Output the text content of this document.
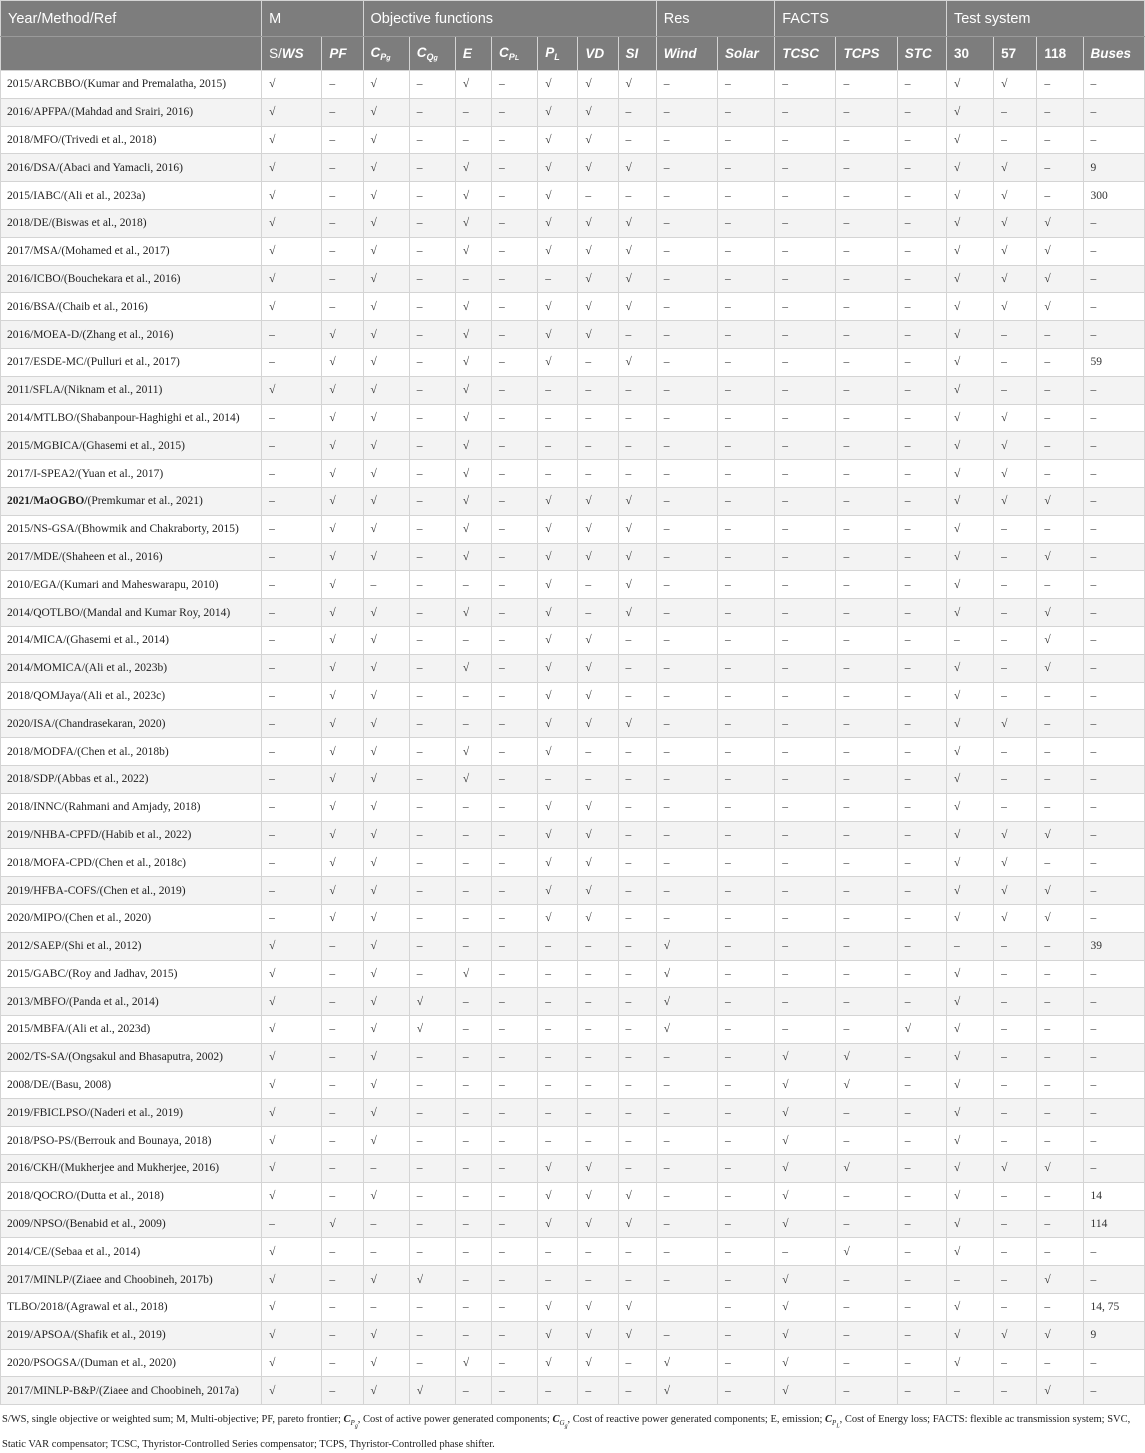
Year/Method/Ref	M		Objective functions							Res		FACTS			Test system			
	S/WS	PF	$C_{Pg}$	$C_{Qg}$	E	$C_{PL}$	$P_L$	VD	SI	Wind	Solar	TCSC	TCPS	STC	30	57	118	Buses
2015/ARCBBO/(Kumar and Premalatha, 2015)	√	–	√	–	√	–	√	√	√	–	–	–	–	–	√	√	–	–
2016/APFPA/(Mahdad and Srairi, 2016)	√	–	√	–	–	–	√	√	–	–	–	–	–	–	√	–	–	–
2018/MFO/(Trivedi et al., 2018)	√	–	√	–	–	–	√	√	–	–	–	–	–	–	√	–	–	–
2016/DSA/(Abaci and Yamacli, 2016)	√	–	√	–	√	–	√	√	√	–	–	–	–	–	√	√	–	9
2015/IABC/(Ali et al., 2023a)	√	–	√	–	√	–	√	–	–	–	–	–	–	–	√	√	–	300
2018/DE/(Biswas et al., 2018)	√	–	√	–	√	–	√	√	√	–	–	–	–	–	√	√	√	–
2017/MSA/(Mohamed et al., 2017)	√	–	√	–	√	–	√	√	√	–	–	–	–	–	√	√	√	–
2016/ICBO/(Bouchekara et al., 2016)	√	–	√	–	–	–	–	√	√	–	–	–	–	–	√	√	√	–
2016/BSA/(Chaib et al., 2016)	√	–	√	–	√	–	√	√	√	–	–	–	–	–	√	√	√	–
2016/MOEA-D/(Zhang et al., 2016)	–	√	√	–	√	–	√	√	–	–	–	–	–	–	√	–	–	–
2017/ESDE-MC/(Pulluri et al., 2017)	–	√	√	–	√	–	√	–	√	–	–	–	–	–	√	–	–	59
2011/SFLA/(Niknam et al., 2011)	√	√	√	–	√	–	–	–	–	–	–	–	–	–	√	–	–	–
2014/MTLBO/(Shabanpour-Haghighi et al., 2014)	–	√	√	–	√	–	–	–	–	–	–	–	–	–	√	√	–	–
2015/MGBICA/(Ghasemi et al., 2015)	–	√	√	–	√	–	–	–	–	–	–	–	–	–	√	√	–	–
2017/I-SPEA2/(Yuan et al., 2017)	–	√	√	–	√	–	–	–	–	–	–	–	–	–	√	√	–	–
2021/MaOGBO/(Premkumar et al., 2021)	–	√	√	–	√	–	√	√	√	–	–	–	–	–	√	√	√	–
2015/NS-GSA/(Bhowmik and Chakraborty, 2015)	–	√	√	–	√	–	√	√	√	–	–	–	–	–	√	–	–	–
2017/MDE/(Shaheen et al., 2016)	–	√	√	–	√	–	√	√	√	–	–	–	–	–	√	–	√	–
2010/EGA/(Kumari and Maheswarapu, 2010)	–	√	–	–	–	–	√	–	√	–	–	–	–	–	√	–	–	–
2014/QOTLBO/(Mandal and Kumar Roy, 2014)	–	√	√	–	√	–	√	–	√	–	–	–	–	–	√	–	√	–
2014/MICA/(Ghasemi et al., 2014)	–	√	√	–	–	–	√	√	–	–	–	–	–	–	–	–	√	–
2014/MOMICA/(Ali et al., 2023b)	–	√	√	–	√	–	√	√	–	–	–	–	–	–	√	–	√	–
2018/QOMJaya/(Ali et al., 2023c)	–	√	√	–	–	–	√	√	–	–	–	–	–	–	√	–	–	–
2020/ISA/(Chandrasekaran, 2020)	–	√	√	–	–	–	√	√	√	–	–	–	–	–	√	√	–	–
2018/MODFA/(Chen et al., 2018b)	–	√	√	–	√	–	√	–	–	–	–	–	–	–	√	–	–	–
2018/SDP/(Abbas et al., 2022)	–	√	√	–	√	–	–	–	–	–	–	–	–	–	√	–	–	–
2018/INNC/(Rahmani and Amjady, 2018)	–	√	√	–	–	–	√	√	–	–	–	–	–	–	√	–	–	–
2019/NHBA-CPFD/(Habib et al., 2022)	–	√	√	–	–	–	√	√	–	–	–	–	–	–	√	√	√	–
2018/MOFA-CPD/(Chen et al., 2018c)	–	√	√	–	–	–	√	√	–	–	–	–	–	–	√	√	–	–
2019/HFBA-COFS/(Chen et al., 2019)	–	√	√	–	–	–	√	√	–	–	–	–	–	–	√	√	√	–
2020/MIPO/(Chen et al., 2020)	–	√	√	–	–	–	√	√	–	–	–	–	–	–	√	√	√	–
2012/SAEP/(Shi et al., 2012)	√	–	√	–	–	–	–	–	–	√	–	–	–	–	–	–	–	39
2015/GABC/(Roy and Jadhav, 2015)	√	–	√	–	√	–	–	–	–	√	–	–	–	–	√	–	–	–
2013/MBFO/(Panda et al., 2014)	√	–	√	√	–	–	–	–	–	√	–	–	–	–	√	–	–	–
2015/MBFA/(Ali et al., 2023d)	√	–	√	√	–	–	–	–	–	√	–	–	–	√	√	–	–	–
2002/TS-SA/(Ongsakul and Bhasaputra, 2002)	√	–	√	–	–	–	–	–	–	–	–	√	√	–	√	–	–	–
2008/DE/(Basu, 2008)	√	–	√	–	–	–	–	–	–	–	–	√	√	–	√	–	–	–
2019/FBICLPSO/(Naderi et al., 2019)	√	–	√	–	–	–	–	–	–	–	–	√	–	–	√	–	–	–
2018/PSO-PS/(Berrouk and Bounaya, 2018)	√	–	√	–	–	–	–	–	–	–	–	√	–	–	√	–	–	–
2016/CKH/(Mukherjee and Mukherjee, 2016)	√	–	–	–	–	–	√	√	–	–	–	√	√	–	√	√	√	–
2018/QOCRO/(Dutta et al., 2018)	√	–	√	–	–	–	√	√	√	–	–	√	–	–	√	–	–	14
2009/NPSO/(Benabid et al., 2009)	–	√	–	–	–	–	√	√	√	–	–	√	–	–	√	–	–	114
2014/CE/(Sebaa et al., 2014)	√	–	–	–	–	–	–	–	–	–	–	–	√	–	√	–	–	–
2017/MINLP/(Ziaee and Choobineh, 2017b)	√	–	√	√	–	–	–	–	–	–	–	√	–	–	–	–	√	–
TLBO/2018/(Agrawal et al., 2018)	√	–	–	–	–	–	√	√	√		–	√	–	–	√	–	–	14, 75
2019/APSOA/(Shafik et al., 2019)	√	–	√	–	–	–	√	√	√	–	–	√	–	–	√	√	√	9
2020/PSOGSA/(Duman et al., 2020)	√	–	√	–	√	–	√	√	–	√	–	√	–	–	√	–	–	–
2017/MINLP-B&P/(Ziaee and Choobineh, 2017a)	√	–	√	√	–	–	–	–	–	√	–	√	–	–	–	–	√	–
S/WS, single objective or weighted sum; M, Multi-objective; PF, pareto frontier; $C_{P_g}$, Cost of active power generated components; $C_{G_g}$, Cost of reactive power generated components; E, emission; $C_{P_L}$, Cost of Energy loss; FACTS: flexible ac transmission system; SVC, Static VAR compensator; TCSC, Thyristor-Controlled Series compensator; TCPS, Thyristor-Controlled phase shifter.
